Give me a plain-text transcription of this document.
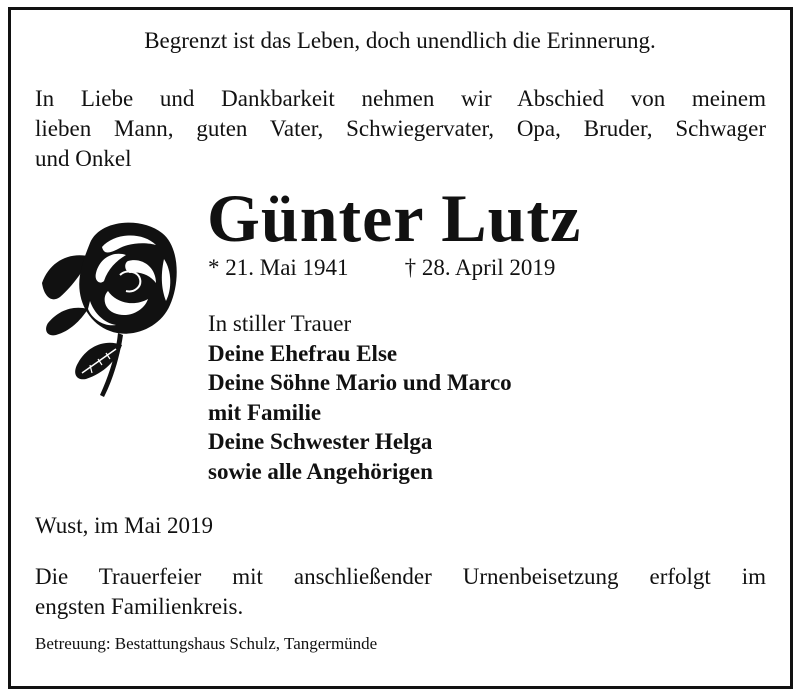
Begrenzt ist das Leben, doch unendlich die Erinnerung.
In Liebe und Dankbarkeit nehmen wir Abschied von meinem
lieben Mann, guten Vater, Schwiegervater, Opa, Bruder, Schwager
und Onkel
Günter Lutz
* 21. Mai 1941 † 28. April 2019
In stiller Trauer
Deine Ehefrau Else
Deine Söhne Mario und Marco
mit Familie
Deine Schwester Helga
sowie alle Angehörigen
Wust, im Mai 2019
Die Trauerfeier mit anschließender Urnenbeisetzung erfolgt im
engsten Familienkreis.
Betreuung: Bestattungshaus Schulz, Tangermünde
